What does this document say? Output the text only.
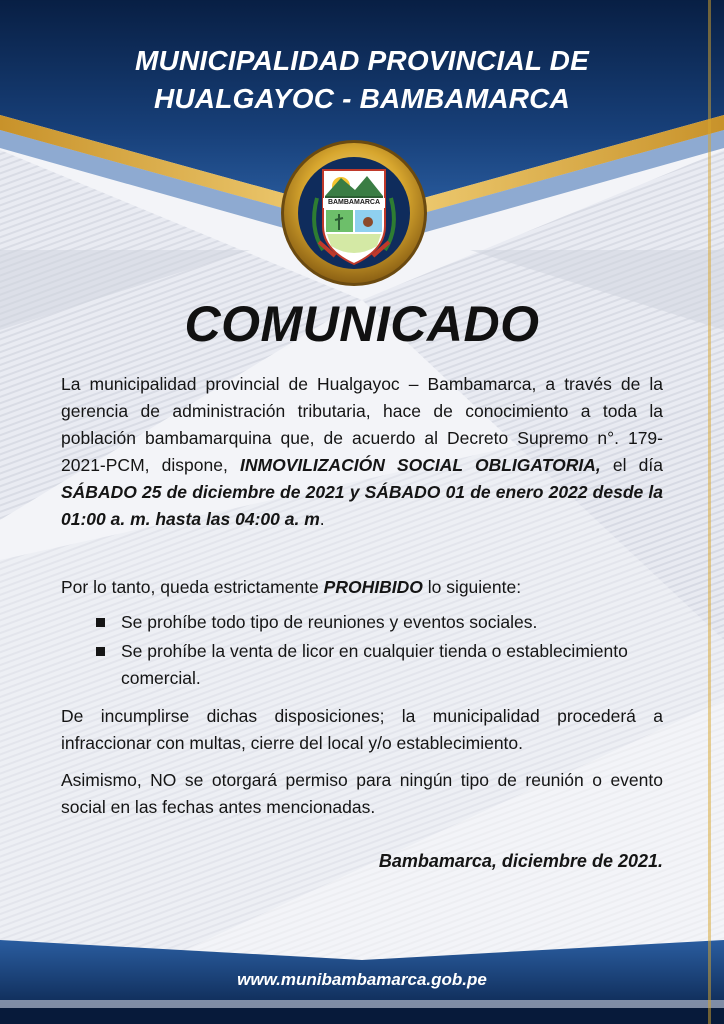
MUNICIPALIDAD PROVINCIAL DE
HUALGAYOC - BAMBAMARCA
BAMBAMARCA
COMUNICADO
La municipalidad provincial de Hualgayoc – Bambamarca, a través de la gerencia de administración tributaria, hace de conocimiento a toda la población bambamarquina que, de acuerdo al Decreto Supremo n°. 179-2021-PCM, dispone, INMOVILIZACIÓN SOCIAL OBLIGATORIA, el día SÁBADO 25 de diciembre de 2021 y SÁBADO 01 de enero 2022 desde la 01:00 a. m. hasta las 04:00 a. m.
Por lo tanto, queda estrictamente PROHIBIDO lo siguiente:
Se prohíbe todo tipo de reuniones y eventos sociales.
Se prohíbe la venta de licor en cualquier tienda o establecimiento comercial.
De incumplirse dichas disposiciones; la municipalidad procederá a infraccionar con multas, cierre del local y/o establecimiento.
Asimismo, NO se otorgará permiso para ningún tipo de reunión o evento social en las fechas antes mencionadas.
Bambamarca, diciembre de 2021.
www.munibambamarca.gob.pe
